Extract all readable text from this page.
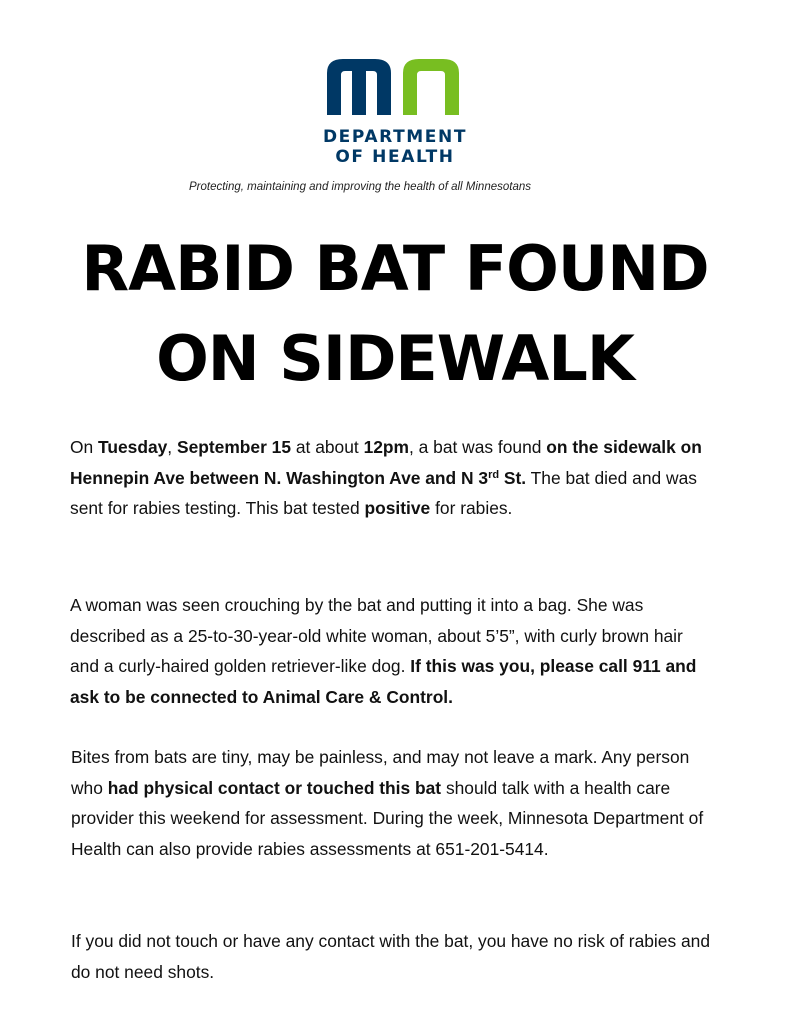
DEPARTMENT
OF HEALTH
Protecting, maintaining and improving the health of all Minnesotans
RABID BAT FOUND
ON SIDEWALK

On Tuesday, September 15 at about 12pm, a bat was found on the sidewalk on Hennepin Ave between N. Washington Ave and N 3rd St. The bat died and was sent for rabies testing. This bat tested positive for rabies.

A woman was seen crouching by the bat and putting it into a bag. She was described as a 25-to-30-year-old white woman, about 5’5”, with curly brown hair and a curly-haired golden retriever-like dog. If this was you, please call 911 and ask to be connected to Animal Care & Control.

Bites from bats are tiny, may be painless, and may not leave a mark. Any person who had physical contact or touched this bat should talk with a health care provider this weekend for assessment. During the week, Minnesota Department of Health can also provide rabies assessments at 651-201-5414.

If you did not touch or have any contact with the bat, you have no risk of rabies and do not need shots.
